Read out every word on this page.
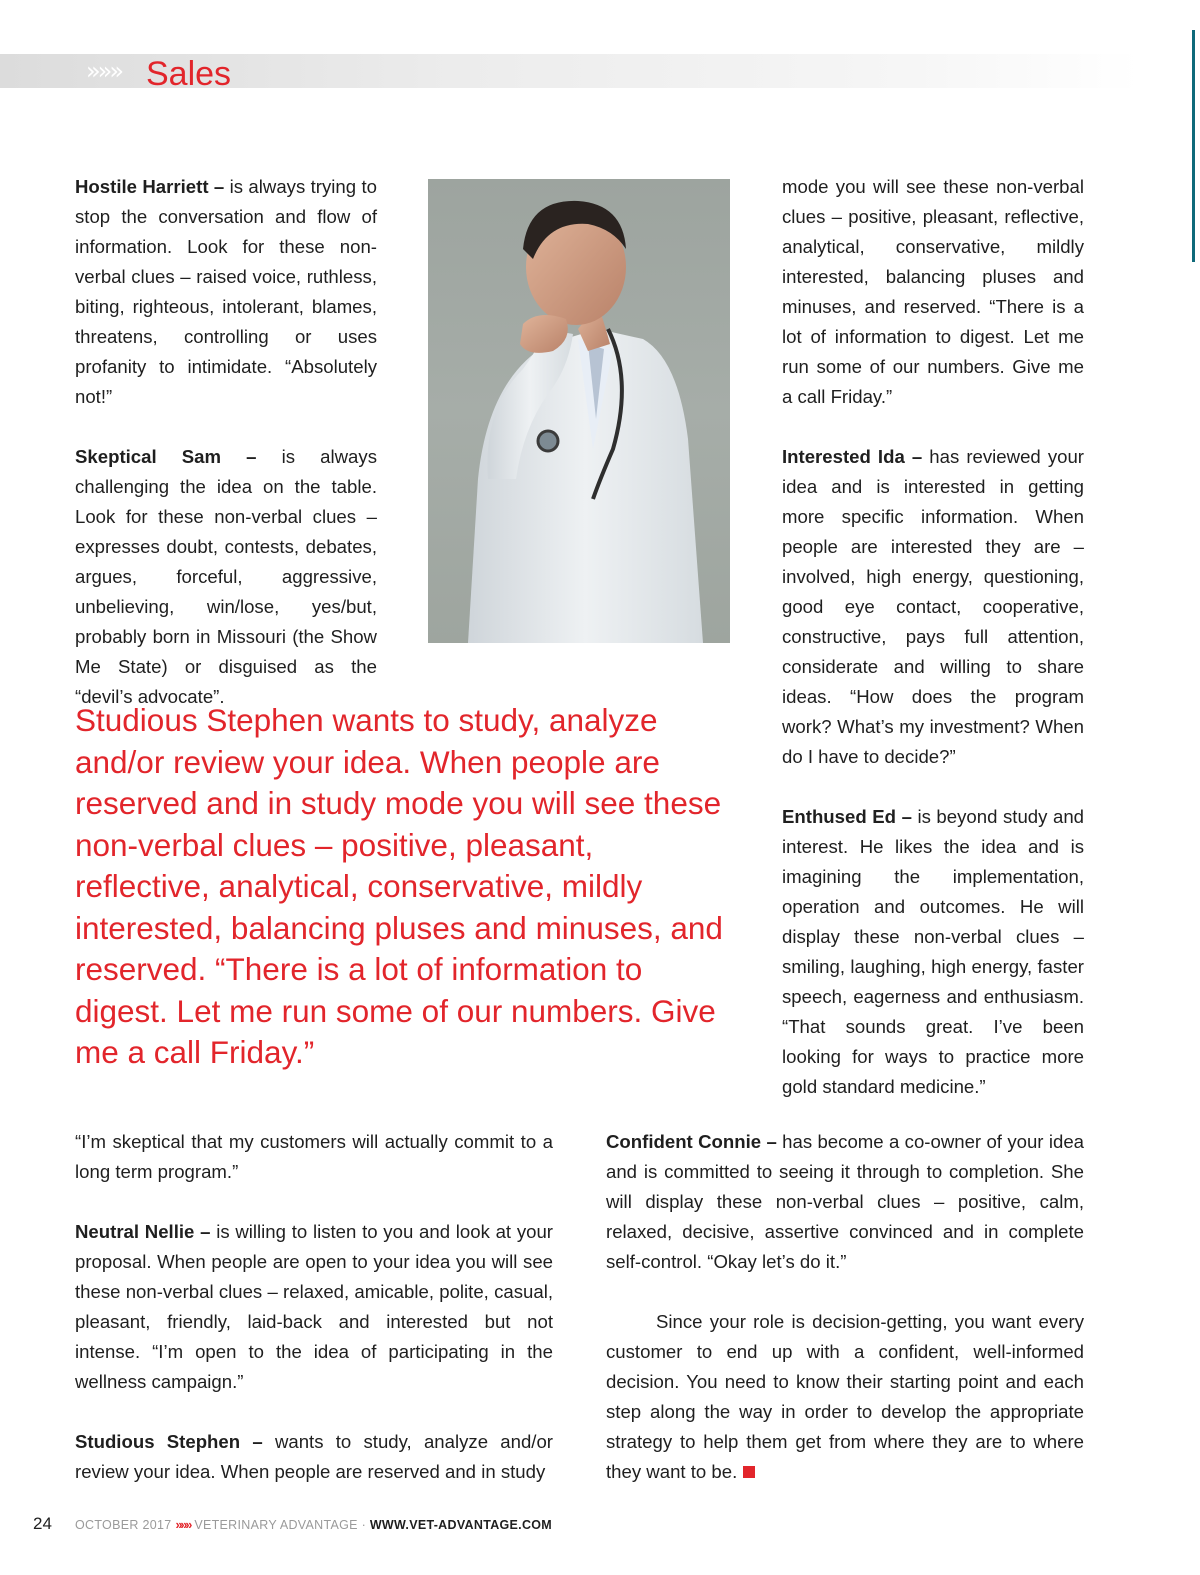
»»» Sales

Hostile Harriett – is always trying to stop the conversation and flow of information. Look for these non-verbal clues – raised voice, ruthless, biting, righteous, intolerant, blames, threatens, controlling or uses profanity to intimidate. “Absolutely not!”

Skeptical Sam – is always challenging the idea on the table. Look for these non-verbal clues – expresses doubt, contests, debates, argues, forceful, aggressive, unbelieving, win/lose, yes/but, probably born in Missouri (the Show Me State) or disguised as the “devil’s advocate”.

mode you will see these non-verbal clues – positive, pleasant, reflective, analytical, conservative, mildly interested, balancing pluses and minuses, and reserved. “There is a lot of information to digest. Let me run some of our numbers. Give me a call Friday.”

Interested Ida – has reviewed your idea and is interested in getting more specific information. When people are interested they are – involved, high energy, questioning, good eye contact, cooperative, constructive, pays full attention, considerate and willing to share ideas. “How does the program work? What’s my investment? When do I have to decide?”

Enthused Ed – is beyond study and interest. He likes the idea and is imagining the implementation, operation and outcomes. He will display these non-verbal clues – smiling, laughing, high energy, faster speech, eagerness and enthusiasm. “That sounds great. I’ve been looking for ways to practice more gold standard medicine.”

Studious Stephen wants to study, analyze and/or review your idea. When people are reserved and in study mode you will see these non-verbal clues – positive, pleasant, reflective, analytical, conservative, mildly interested, balancing pluses and minuses, and reserved. “There is a lot of information to digest. Let me run some of our numbers. Give me a call Friday.”

“I’m skeptical that my customers will actually commit to a long term program.”

Neutral Nellie – is willing to listen to you and look at your proposal. When people are open to your idea you will see these non-verbal clues – relaxed, amicable, polite, casual, pleasant, friendly, laid-back and interested but not intense. “I’m open to the idea of participating in the wellness campaign.”

Studious Stephen – wants to study, analyze and/or review your idea. When people are reserved and in study

Confident Connie – has become a co-owner of your idea and is committed to seeing it through to completion. She will display these non-verbal clues – positive, calm, relaxed, decisive, assertive convinced and in complete self-control. “Okay let’s do it.”

Since your role is decision-getting, you want every customer to end up with a confident, well-informed decision. You need to know their starting point and each step along the way in order to develop the appropriate strategy to help them get from where they are to where they want to be.

24 OCTOBER 2017 »»» VETERINARY ADVANTAGE · WWW.VET-ADVANTAGE.COM
